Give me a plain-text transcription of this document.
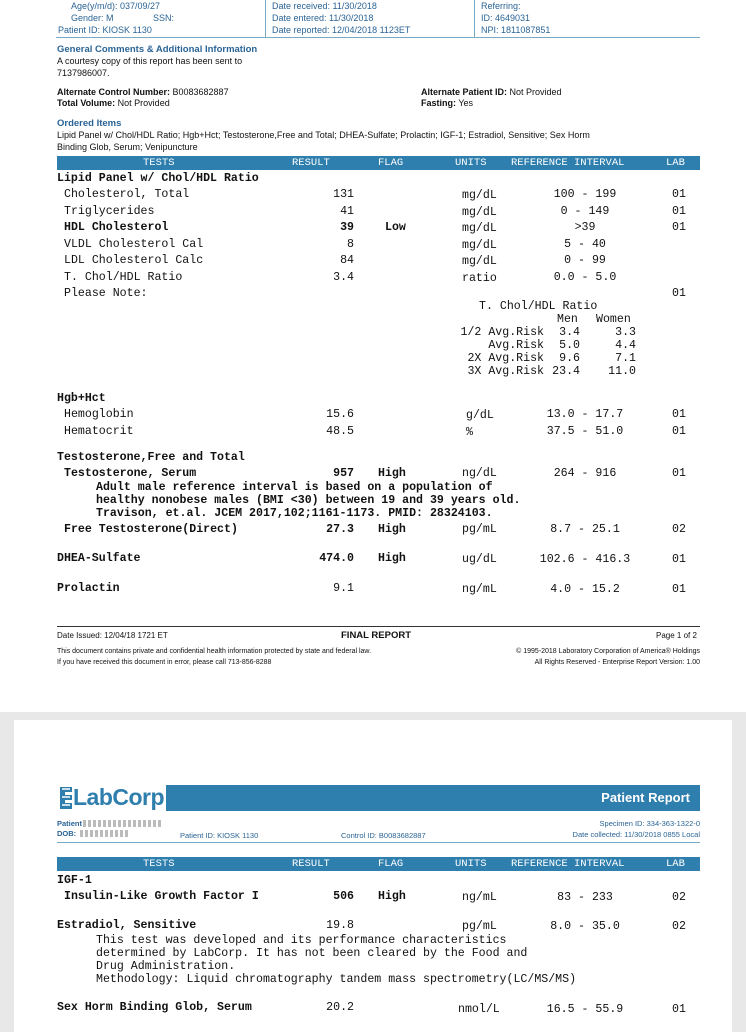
Age(y/m/d): 037/09/27
Gender: M	SSN:
Patient ID: KIOSK 1130
Date received: 11/30/2018
Date entered: 11/30/2018
Date reported: 12/04/2018 1123ET
Referring:
ID: 4649031
NPI: 1811087851
General Comments & Additional Information
A courtesy copy of this report has been sent to
7137986007.
Alternate Control Number: B0083682887
Total Volume: Not Provided
Alternate Patient ID: Not Provided
Fasting: Yes
Ordered Items
Lipid Panel w/ Chol/HDL Ratio; Hgb+Hct; Testosterone,Free and Total; DHEA-Sulfate; Prolactin; IGF-1; Estradiol, Sensitive; Sex Horm
Binding Glob, Serum; Venipuncture
TESTS	RESULT	FLAG	UNITS REFERENCE INTERVAL	LAB
Lipid Panel w/ Chol/HDL Ratio
Cholesterol, Total	131	mg/dL	100 - 199	01
Triglycerides	41	mg/dL	0 - 149	01
HDL Cholesterol	39	Low	mg/dL	>39	01
VLDL Cholesterol Cal	8	mg/dL	5 - 40
LDL Cholesterol Calc	84	mg/dL	0 - 99
T. Chol/HDL Ratio	3.4	ratio	0.0 - 5.0
Please Note:	01
T. Chol/HDL Ratio
Men Women
1/2 Avg.Risk	3.4	3.3
Avg.Risk	5.0	4.4
2X Avg.Risk	9.6	7.1
3X Avg.Risk 23.4	11.0
Hgb+Hct
Hemoglobin	15.6	g/dL	13.0 - 17.7	01
Hematocrit	48.5	%	37.5 - 51.0	01
Testosterone,Free and Total
Testosterone, Serum	957 High	ng/dL	264 - 916	01
Adult male reference interval is based on a population of
healthy nonobese males (BMI <30) between 19 and 39 years old.
Travison, et.al. JCEM 2017,102;1161-1173. PMID: 28324103.
Free Testosterone(Direct)	27.3 High	pg/mL	8.7 - 25.1	02
DHEA-Sulfate	474.0 High	ug/dL	102.6 - 416.3	01
Prolactin	9.1	ng/mL	4.0 - 15.2	01
Date Issued: 12/04/18 1721 ET	FINAL REPORT	Page 1 of 2
This document contains private and confidential health information protected by state and federal law.
If you have received this document in error, please call 713-856-8288
© 1995-2018 Laboratory Corporation of America® Holdings
All Rights Reserved - Enterprise Report Version: 1.00
LabCorp	Patient Report
Patient
DOB:	Patient ID: KIOSK 1130	Control ID: B0083682887
Specimen ID: 334-363-1322-0
Date collected: 11/30/2018 0855 Local
TESTS	RESULT	FLAG	UNITS REFERENCE INTERVAL	LAB
IGF-1
Insulin-Like Growth Factor I	506 High	ng/mL	83 - 233	02
Estradiol, Sensitive	19.8	pg/mL	8.0 - 35.0	02
This test was developed and its performance characteristics
determined by LabCorp. It has not been cleared by the Food and
Drug Administration.
Methodology: Liquid chromatography tandem mass spectrometry(LC/MS/MS)
Sex Horm Binding Glob, Serum	20.2	nmol/L	16.5 - 55.9	01
